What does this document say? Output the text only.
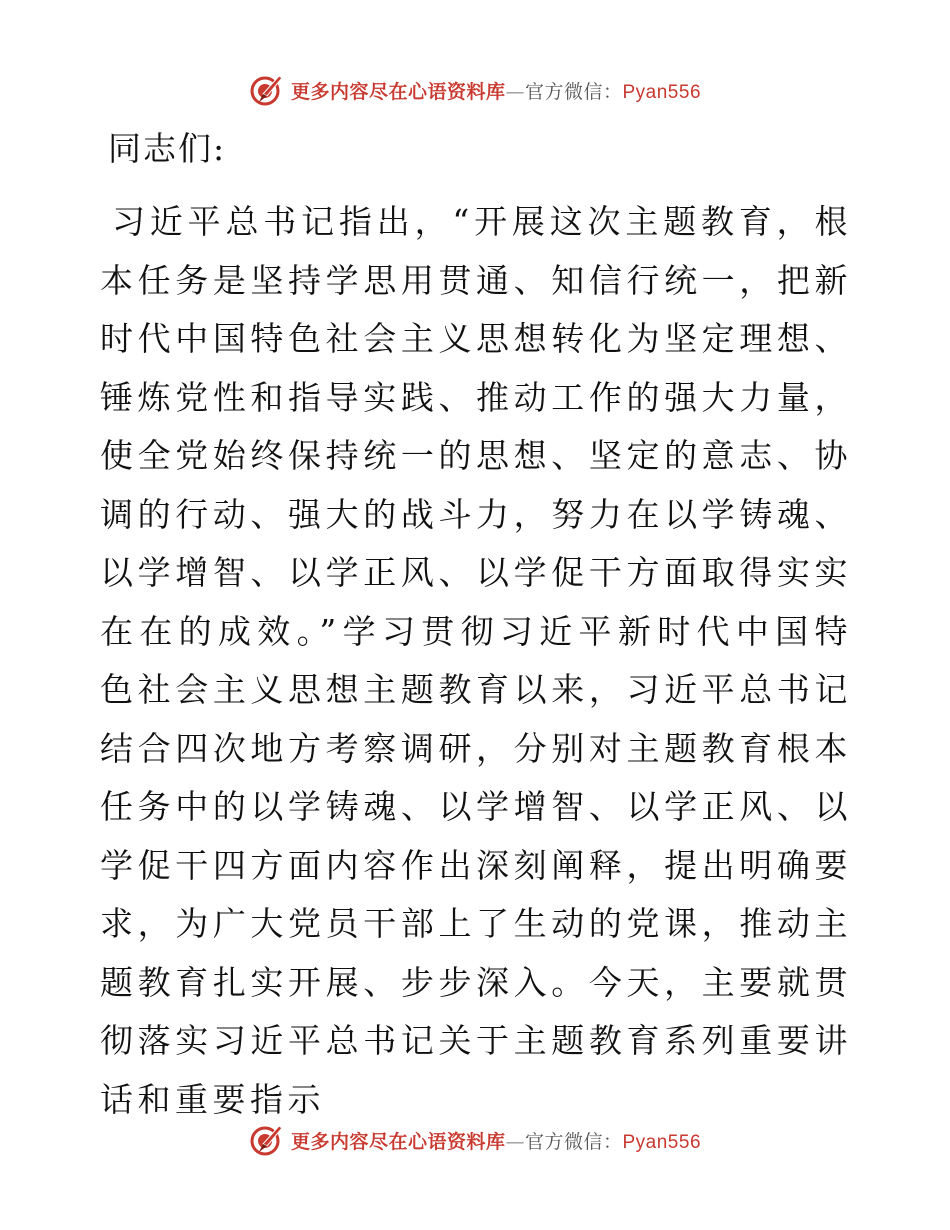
更多内容尽在心语资料库—官方微信：Pyan556
同志们:

习近平总书记指出，“开展这次主题教育，根本任务是坚持学思用贯通、知信行统一，把新时代中国特色社会主义思想转化为坚定理想、锤炼党性和指导实践、推动工作的强大力量，使全党始终保持统一的思想、坚定的意志、协调的行动、强大的战斗力，努力在以学铸魂、以学增智、以学正风、以学促干方面取得实实在在的成效。”学习贯彻习近平新时代中国特色社会主义思想主题教育以来，习近平总书记结合四次地方考察调研，分别对主题教育根本任务中的以学铸魂、以学增智、以学正风、以学促干四方面内容作出深刻阐释，提出明确要求，为广大党员干部上了生动的党课，推动主题教育扎实开展、步步深入。今天，主要就贯彻落实习近平总书记关于主题教育系列重要讲话和重要指示

更多内容尽在心语资料库—官方微信：Pyan556
